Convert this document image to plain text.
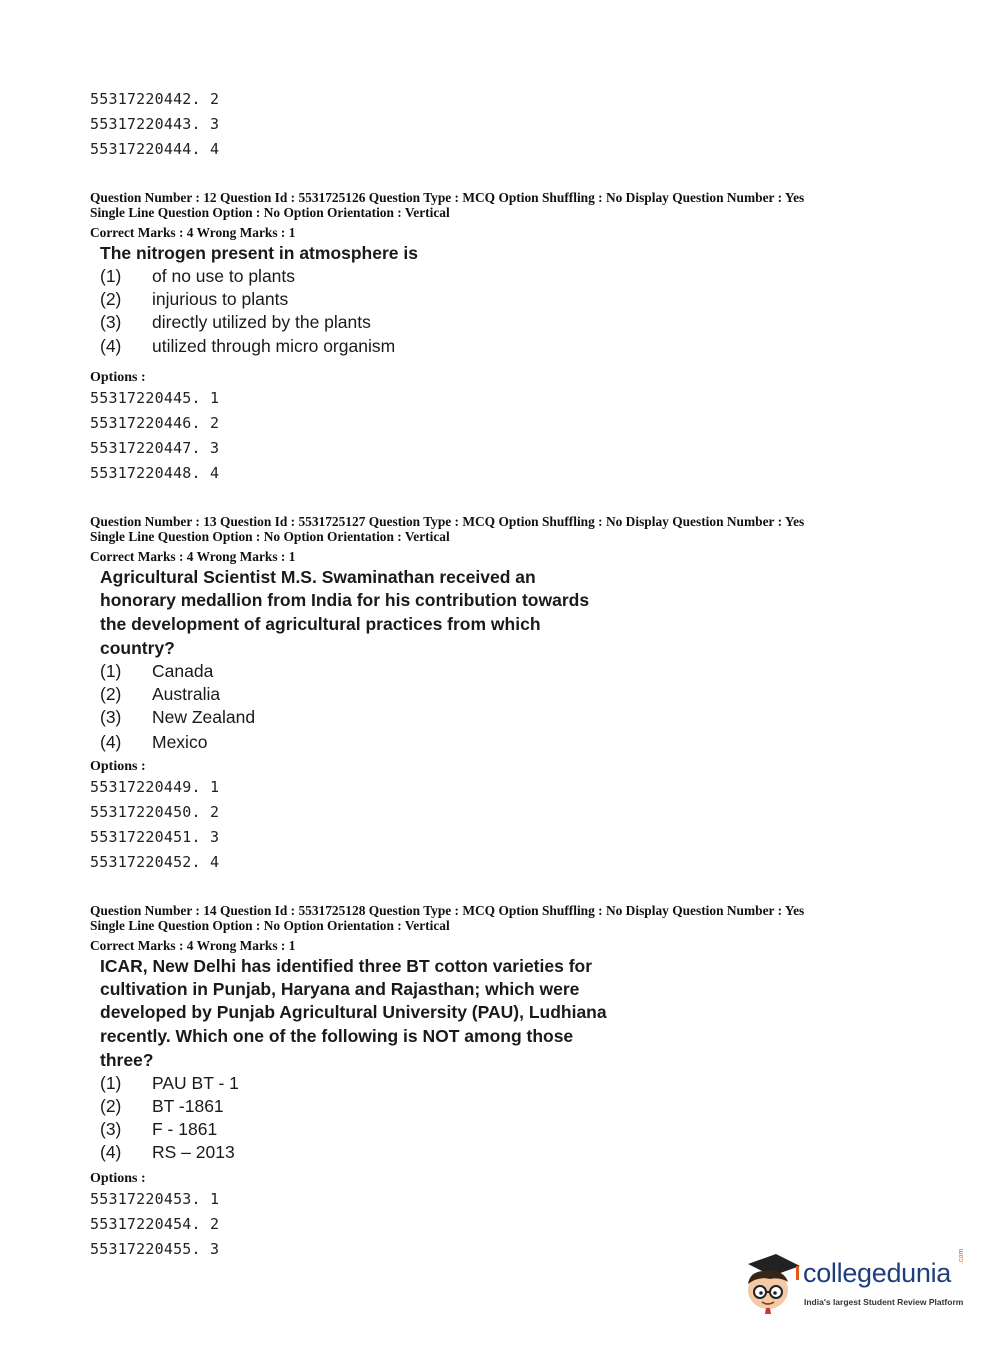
55317220442. 2
55317220443. 3
55317220444. 4
Question Number : 12 Question Id : 5531725126 Question Type : MCQ Option Shuffling : No Display Question Number : Yes
Single Line Question Option : No Option Orientation : Vertical
Correct Marks : 4 Wrong Marks : 1
The nitrogen present in atmosphere is
(1) of no use to plants
(2) injurious to plants
(3) directly utilized by the plants
(4) utilized through micro organism
Options :
55317220445. 1
55317220446. 2
55317220447. 3
55317220448. 4
Question Number : 13 Question Id : 5531725127 Question Type : MCQ Option Shuffling : No Display Question Number : Yes
Single Line Question Option : No Option Orientation : Vertical
Correct Marks : 4 Wrong Marks : 1
Agricultural Scientist M.S. Swaminathan received an
honorary medallion from India for his contribution towards
the development of agricultural practices from which
country?
(1) Canada
(2) Australia
(3) New Zealand
(4) Mexico
Options :
55317220449. 1
55317220450. 2
55317220451. 3
55317220452. 4
Question Number : 14 Question Id : 5531725128 Question Type : MCQ Option Shuffling : No Display Question Number : Yes
Single Line Question Option : No Option Orientation : Vertical
Correct Marks : 4 Wrong Marks : 1
ICAR, New Delhi has identified three BT cotton varieties for
cultivation in Punjab, Haryana and Rajasthan; which were
developed by Punjab Agricultural University (PAU), Ludhiana
recently. Which one of the following is NOT among those
three?
(1) PAU BT - 1
(2) BT -1861
(3) F - 1861
(4) RS – 2013
Options :
55317220453. 1
55317220454. 2
55317220455. 3
collegedunia
.com
India's largest Student Review Platform
